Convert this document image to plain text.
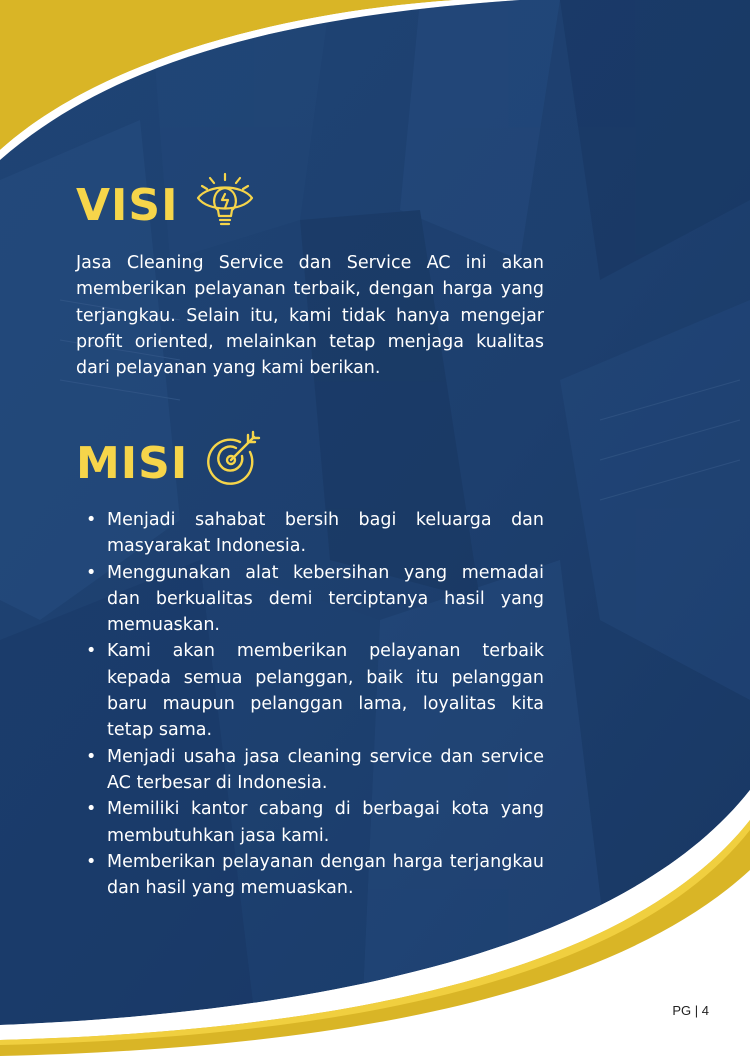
VISI

Jasa Cleaning Service dan Service AC ini akan memberikan pelayanan terbaik, dengan harga yang terjangkau. Selain itu, kami tidak hanya mengejar profit oriented, melainkan tetap menjaga kualitas dari pelayanan yang kami berikan.

MISI
• Menjadi sahabat bersih bagi keluarga dan masyarakat Indonesia.
• Menggunakan alat kebersihan yang memadai dan berkualitas demi terciptanya hasil yang memuaskan.
• Kami akan memberikan pelayanan terbaik kepada semua pelanggan, baik itu pelanggan baru maupun pelanggan lama, loyalitas kita tetap sama.
• Menjadi usaha jasa cleaning service dan service AC terbesar di Indonesia.
• Memiliki kantor cabang di berbagai kota yang membutuhkan jasa kami.
• Memberikan pelayanan dengan harga terjangkau dan hasil yang memuaskan.
PG | 4
